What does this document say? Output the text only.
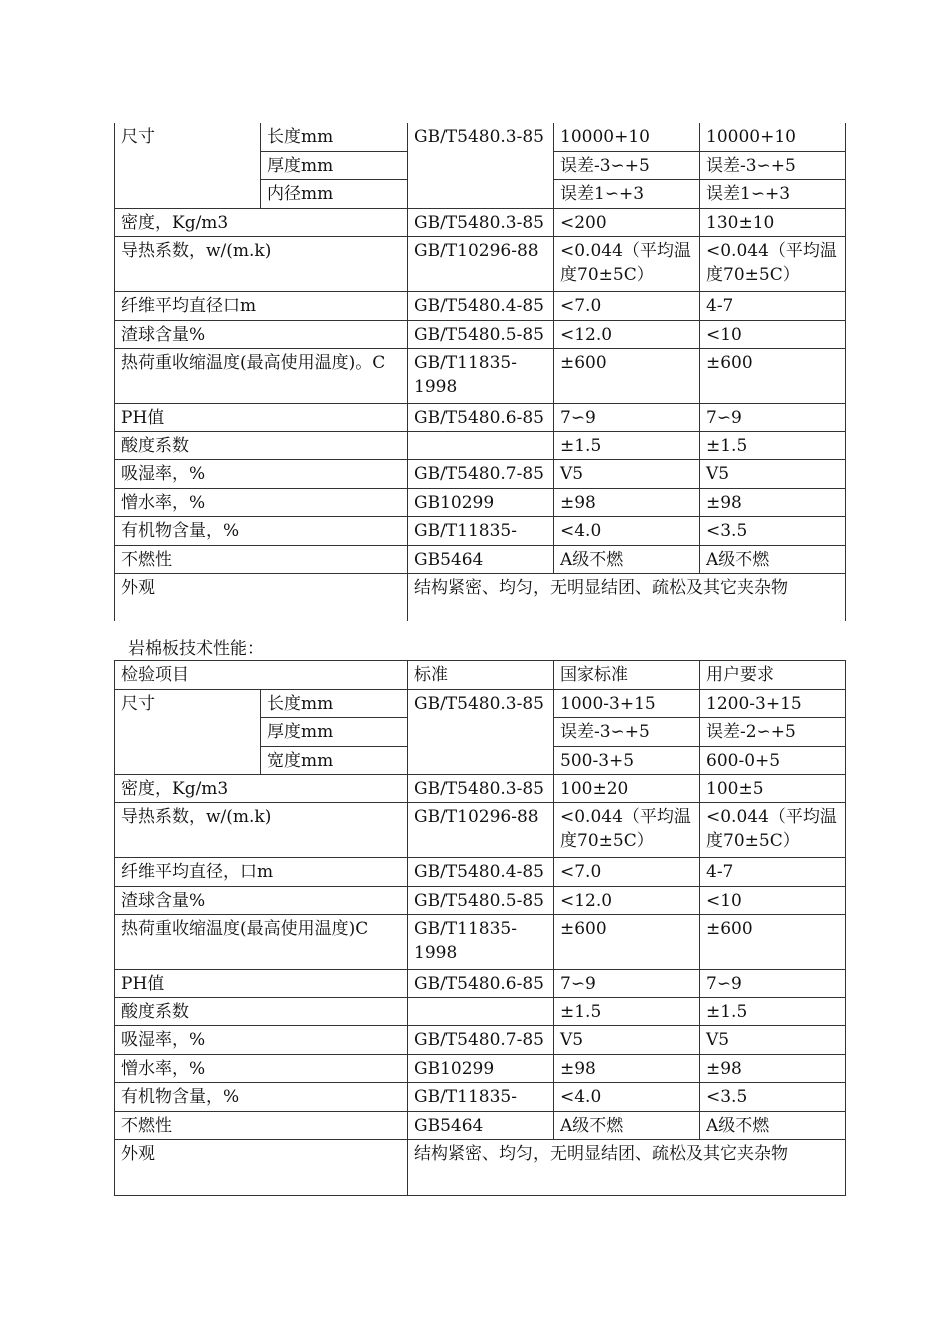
尺寸	长度mm	GB/T5480.3-85	10000+10	10000+10
	厚度mm		误差-3∽+5	误差-3∽+5
	内径mm		误差1∽+3	误差1∽+3
密度，Kg/m3		GB/T5480.3-85	<200	130±10
导热系数，w/(m.k)		GB/T10296-88	<0.044（平均温度70±5C）	<0.044（平均温度70±5C）
纤维平均直径口m		GB/T5480.4-85	<7.0	4-7
渣球含量%		GB/T5480.5-85	<12.0	<10
热荷重收缩温度(最高使用温度)。C		GB/T11835-1998	±600	±600
PH值		GB/T5480.6-85	7∽9	7∽9
酸度系数			±1.5	±1.5
吸湿率，%		GB/T5480.7-85	V5	V5
憎水率，%		GB10299	±98	±98
有机物含量，%		GB/T11835-	<4.0	<3.5
不燃性		GB5464	A级不燃	A级不燃
外观		结构紧密、均匀，无明显结团、疏松及其它夹杂物		
岩棉板技术性能：
检验项目		标准	国家标准	用户要求
尺寸	长度mm	GB/T5480.3-85	1000-3+15	1200-3+15
	厚度mm		误差-3∽+5	误差-2∽+5
	宽度mm		500-3+5	600-0+5
密度，Kg/m3		GB/T5480.3-85	100±20	100±5
导热系数，w/(m.k)		GB/T10296-88	<0.044（平均温度70±5C）	<0.044（平均温度70±5C）
纤维平均直径，口m		GB/T5480.4-85	<7.0	4-7
渣球含量%		GB/T5480.5-85	<12.0	<10
热荷重收缩温度(最高使用温度)C		GB/T11835-1998	±600	±600
PH值		GB/T5480.6-85	7∽9	7∽9
酸度系数			±1.5	±1.5
吸湿率，%		GB/T5480.7-85	V5	V5
憎水率，%		GB10299	±98	±98
有机物含量，%		GB/T11835-	<4.0	<3.5
不燃性		GB5464	A级不燃	A级不燃
外观		结构紧密、均匀，无明显结团、疏松及其它夹杂物		
